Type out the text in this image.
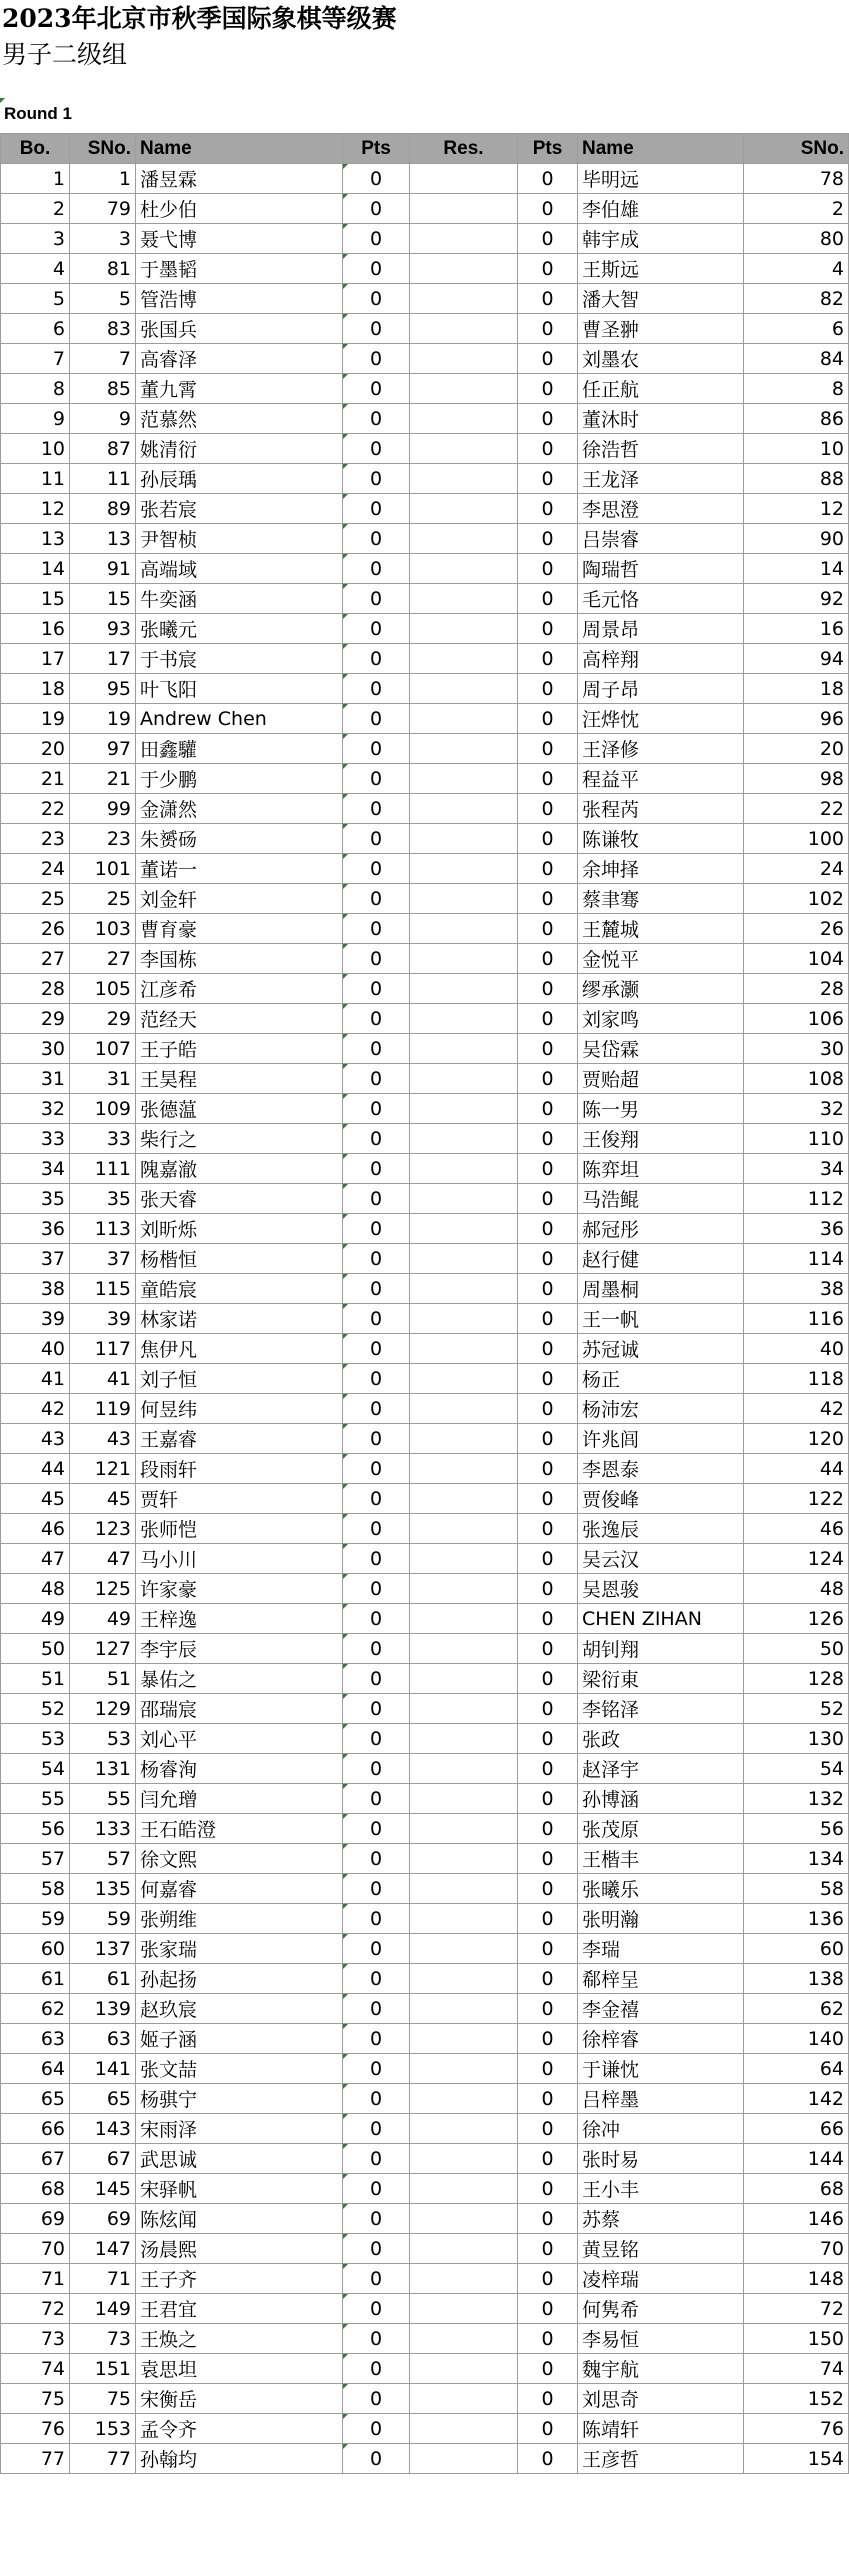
2023年北京市秋季国际象棋等级赛
男子二级组
Round 1
Bo.	SNo.	Name	Pts	Res.	Pts	Name	SNo.
1	1	潘昱霖	0		0	毕明远	78
2	79	杜少伯	0		0	李伯雄	2
3	3	聂弋博	0		0	韩宇成	80
4	81	于墨韬	0		0	王斯远	4
5	5	管浩博	0		0	潘大智	82
6	83	张国兵	0		0	曹圣翀	6
7	7	高睿泽	0		0	刘墨农	84
8	85	董九霄	0		0	任正航	8
9	9	范慕然	0		0	董沐时	86
10	87	姚清衍	0		0	徐浩哲	10
11	11	孙辰瑀	0		0	王龙泽	88
12	89	张若宸	0		0	李思澄	12
13	13	尹智桢	0		0	吕崇睿	90
14	91	高端域	0		0	陶瑞哲	14
15	15	牛奕涵	0		0	毛元恪	92
16	93	张曦元	0		0	周景昂	16
17	17	于书宸	0		0	高梓翔	94
18	95	叶飞阳	0		0	周子昂	18
19	19	Andrew Chen	0		0	汪烨忱	96
20	97	田鑫驩	0		0	王泽修	20
21	21	于少鹏	0		0	程益平	98
22	99	金潇然	0		0	张程芮	22
23	23	朱赟砀	0		0	陈谦牧	100
24	101	董诺一	0		0	余坤择	24
25	25	刘金轩	0		0	蔡聿骞	102
26	103	曹育豪	0		0	王麓城	26
27	27	李国栋	0		0	金悦平	104
28	105	江彦希	0		0	缪承灏	28
29	29	范经天	0		0	刘家鸣	106
30	107	王子皓	0		0	吴岱霖	30
31	31	王昊程	0		0	贾贻超	108
32	109	张德蕰	0		0	陈一男	32
33	33	柴行之	0		0	王俊翔	110
34	111	隗嘉澈	0		0	陈弈坦	34
35	35	张天睿	0		0	马浩鲲	112
36	113	刘昕烁	0		0	郝冠彤	36
37	37	杨楷恒	0		0	赵行健	114
38	115	童皓宸	0		0	周墨桐	38
39	39	林家诺	0		0	王一帆	116
40	117	焦伊凡	0		0	苏冠诚	40
41	41	刘子恒	0		0	杨正	118
42	119	何昱纬	0		0	杨沛宏	42
43	43	王嘉睿	0		0	许兆闾	120
44	121	段雨轩	0		0	李恩泰	44
45	45	贾轩	0		0	贾俊峰	122
46	123	张师恺	0		0	张逸辰	46
47	47	马小川	0		0	吴云汉	124
48	125	许家豪	0		0	吴恩骏	48
49	49	王梓逸	0		0	CHEN ZIHAN	126
50	127	李宇辰	0		0	胡钊翔	50
51	51	暴佑之	0		0	梁衍東	128
52	129	邵瑞宸	0		0	李铭泽	52
53	53	刘心平	0		0	张政	130
54	131	杨睿洵	0		0	赵泽宇	54
55	55	闫允璔	0		0	孙博涵	132
56	133	王石皓澄	0		0	张茂原	56
57	57	徐文熙	0		0	王楷丰	134
58	135	何嘉睿	0		0	张曦乐	58
59	59	张朔维	0		0	张明瀚	136
60	137	张家瑞	0		0	李瑞	60
61	61	孙起扬	0		0	郗梓呈	138
62	139	赵玖宸	0		0	李金禧	62
63	63	姬子涵	0		0	徐梓睿	140
64	141	张文喆	0		0	于谦忱	64
65	65	杨骐宁	0		0	吕梓墨	142
66	143	宋雨泽	0		0	徐冲	66
67	67	武思诚	0		0	张时易	144
68	145	宋驿帆	0		0	王小丰	68
69	69	陈炫闻	0		0	苏蔡	146
70	147	汤晨熙	0		0	黄昱铭	70
71	71	王子齐	0		0	凌梓瑞	148
72	149	王君宜	0		0	何隽希	72
73	73	王焕之	0		0	李易恒	150
74	151	袁思坦	0		0	魏宇航	74
75	75	宋衡岳	0		0	刘思奇	152
76	153	孟令齐	0		0	陈靖轩	76
77	77	孙翰均	0		0	王彦哲	154
